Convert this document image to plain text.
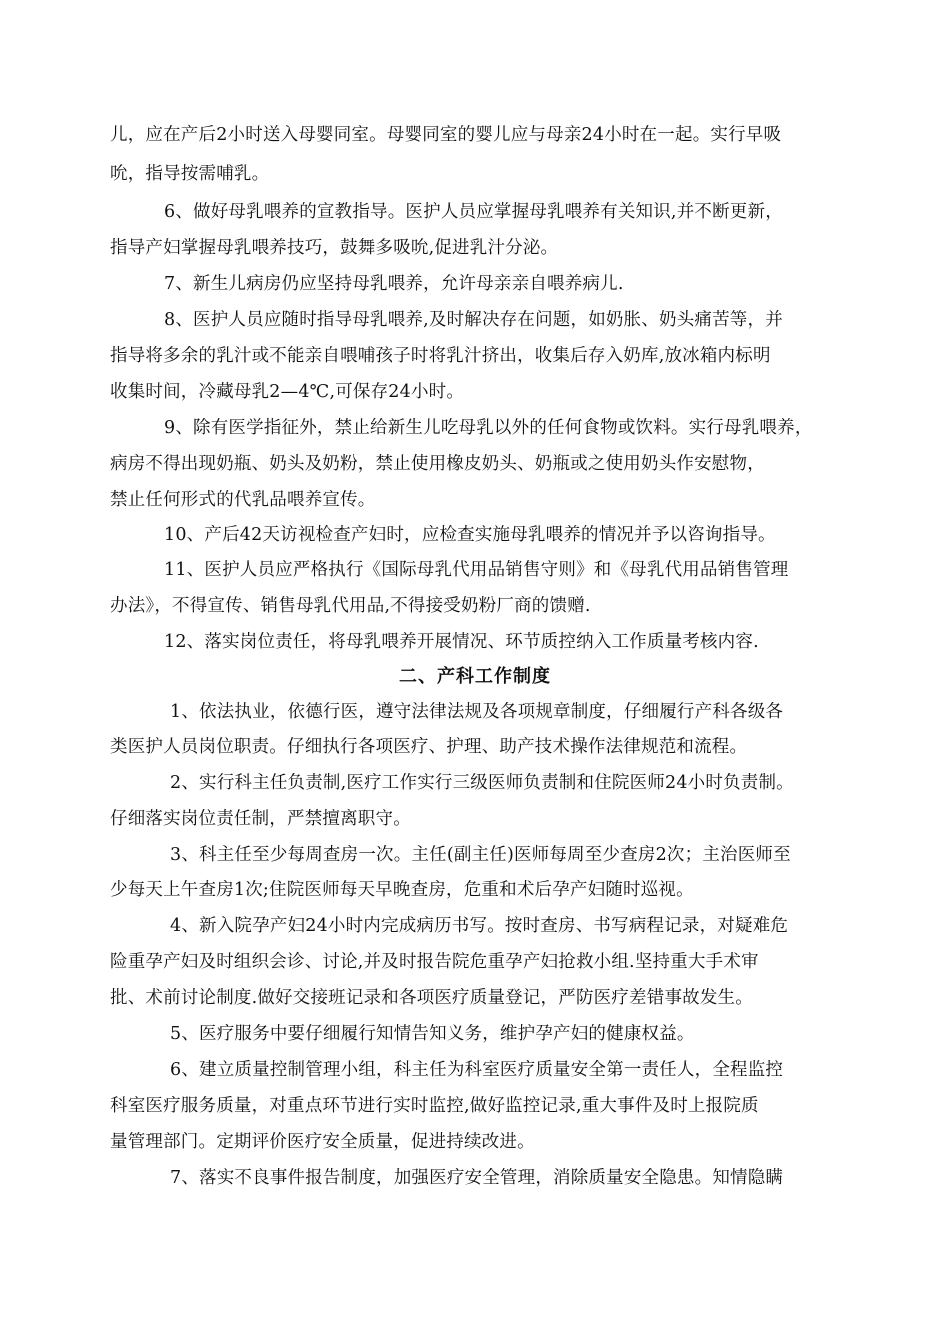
儿，应在产后2小时送入母婴同室。母婴同室的婴儿应与母亲24小时在一起。实行早吸
吮，指导按需哺乳。
6、做好母乳喂养的宣教指导。医护人员应掌握母乳喂养有关知识,并不断更新，
指导产妇掌握母乳喂养技巧，鼓舞多吸吮,促进乳汁分泌。
7、新生儿病房仍应坚持母乳喂养，允许母亲亲自喂养病儿.
8、医护人员应随时指导母乳喂养,及时解决存在问题，如奶胀、奶头痛苦等，并
指导将多余的乳汁或不能亲自喂哺孩子时将乳汁挤出，收集后存入奶库,放冰箱内标明
收集时间，冷藏母乳2—4℃,可保存24小时。
9、除有医学指征外，禁止给新生儿吃母乳以外的任何食物或饮料。实行母乳喂养，
病房不得出现奶瓶、奶头及奶粉，禁止使用橡皮奶头、奶瓶或之使用奶头作安慰物，
禁止任何形式的代乳品喂养宣传。
10、产后42天访视检查产妇时，应检查实施母乳喂养的情况并予以咨询指导。
11、医护人员应严格执行《国际母乳代用品销售守则》和《母乳代用品销售管理
办法》，不得宣传、销售母乳代用品,不得接受奶粉厂商的馈赠.
12、落实岗位责任，将母乳喂养开展情况、环节质控纳入工作质量考核内容.
二、产科工作制度
1、依法执业，依德行医，遵守法律法规及各项规章制度，仔细履行产科各级各
类医护人员岗位职责。仔细执行各项医疗、护理、助产技术操作法律规范和流程。
2、实行科主任负责制,医疗工作实行三级医师负责制和住院医师24小时负责制。
仔细落实岗位责任制，严禁擅离职守。
3、科主任至少每周查房一次。主任(副主任)医师每周至少查房2次；主治医师至
少每天上午查房1次;住院医师每天早晚查房，危重和术后孕产妇随时巡视。
4、新入院孕产妇24小时内完成病历书写。按时查房、书写病程记录，对疑难危
险重孕产妇及时组织会诊、讨论,并及时报告院危重孕产妇抢救小组.坚持重大手术审
批、术前讨论制度.做好交接班记录和各项医疗质量登记，严防医疗差错事故发生。
5、医疗服务中要仔细履行知情告知义务，维护孕产妇的健康权益。
6、建立质量控制管理小组，科主任为科室医疗质量安全第一责任人，全程监控
科室医疗服务质量，对重点环节进行实时监控,做好监控记录,重大事件及时上报院质
量管理部门。定期评价医疗安全质量，促进持续改进。
7、落实不良事件报告制度，加强医疗安全管理，消除质量安全隐患。知情隐瞒
